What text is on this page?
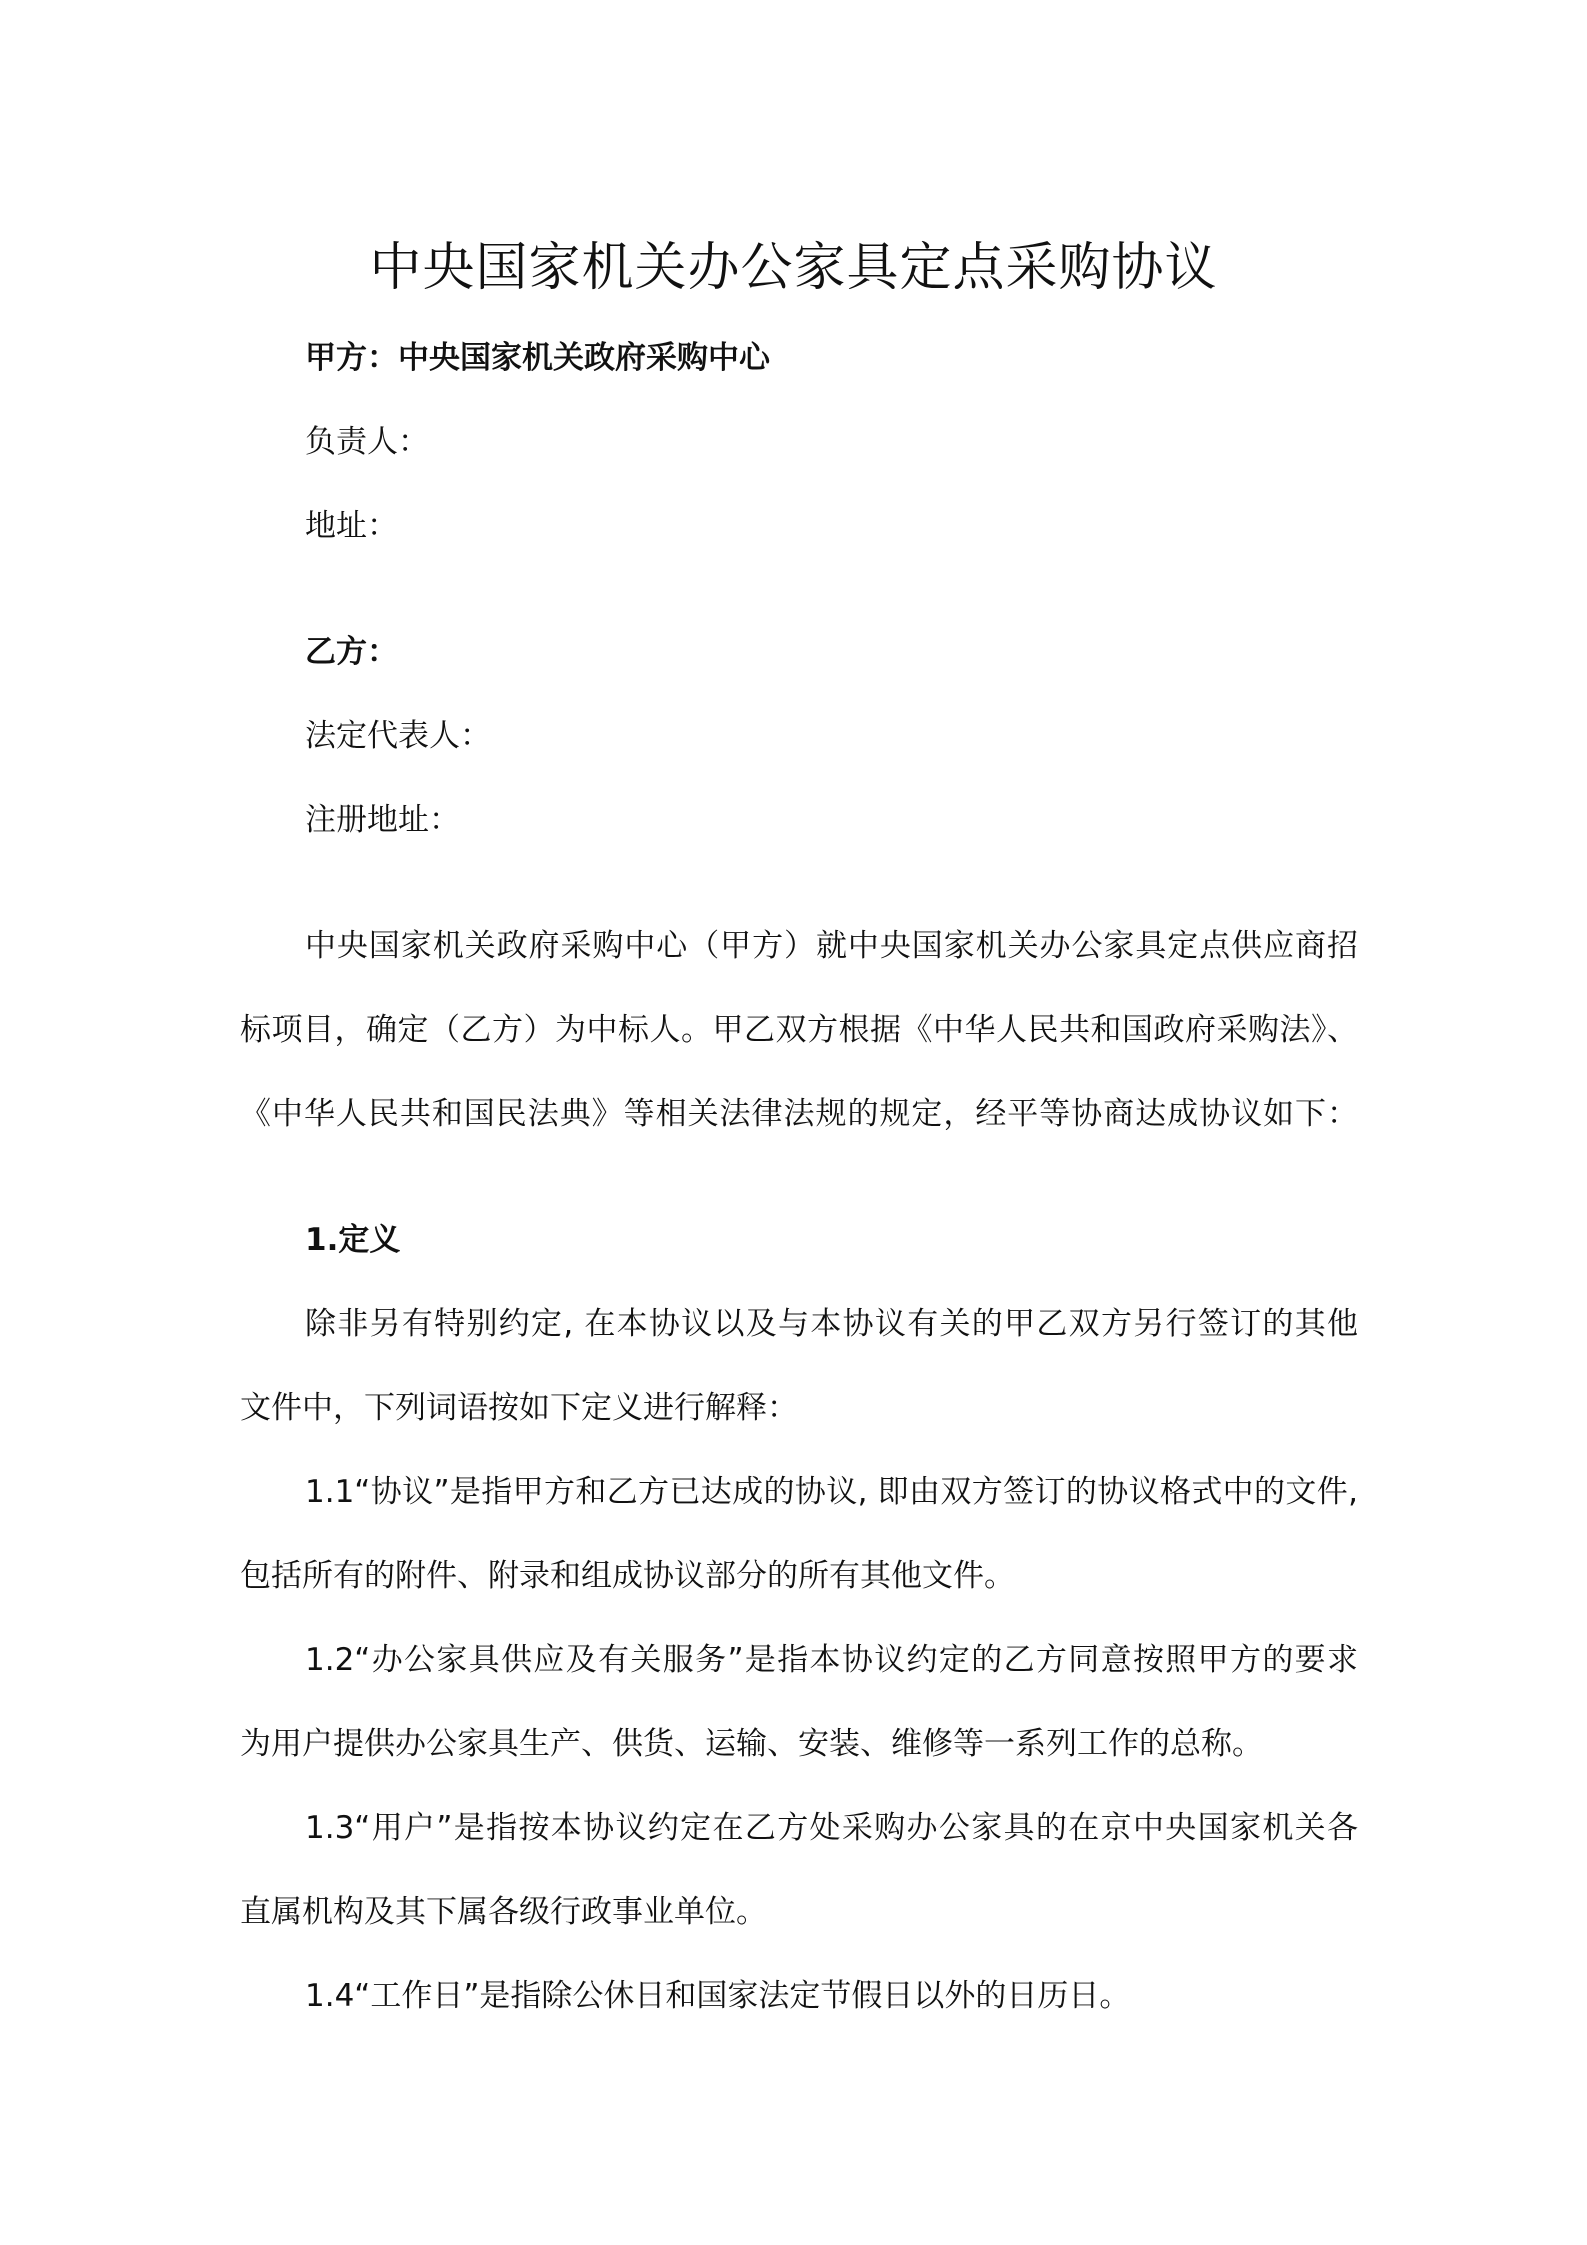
中央国家机关办公家具定点采购协议

甲方：中央国家机关政府采购中心

负责人：

地址：

乙方：

法定代表人：

注册地址：

中央国家机关政府采购中心（甲方）就中央国家机关办公家具定点供应商招

标项目，确定（乙方）为中标人。甲乙双方根据《中华人民共和国政府采购法》、

《中华人民共和国民法典》等相关法律法规的规定，经平等协商达成协议如下：

1.定义

除非另有特别约定, 在本协议以及与本协议有关的甲乙双方另行签订的其他

文件中，下列词语按如下定义进行解释：

1.1“协议”是指甲方和乙方已达成的协议, 即由双方签订的协议格式中的文件,

包括所有的附件、附录和组成协议部分的所有其他文件。

1.2“办公家具供应及有关服务”是指本协议约定的乙方同意按照甲方的要求

为用户提供办公家具生产、供货、运输、安装、维修等一系列工作的总称。

1.3“用户”是指按本协议约定在乙方处采购办公家具的在京中央国家机关各

直属机构及其下属各级行政事业单位。

1.4“工作日”是指除公休日和国家法定节假日以外的日历日。
